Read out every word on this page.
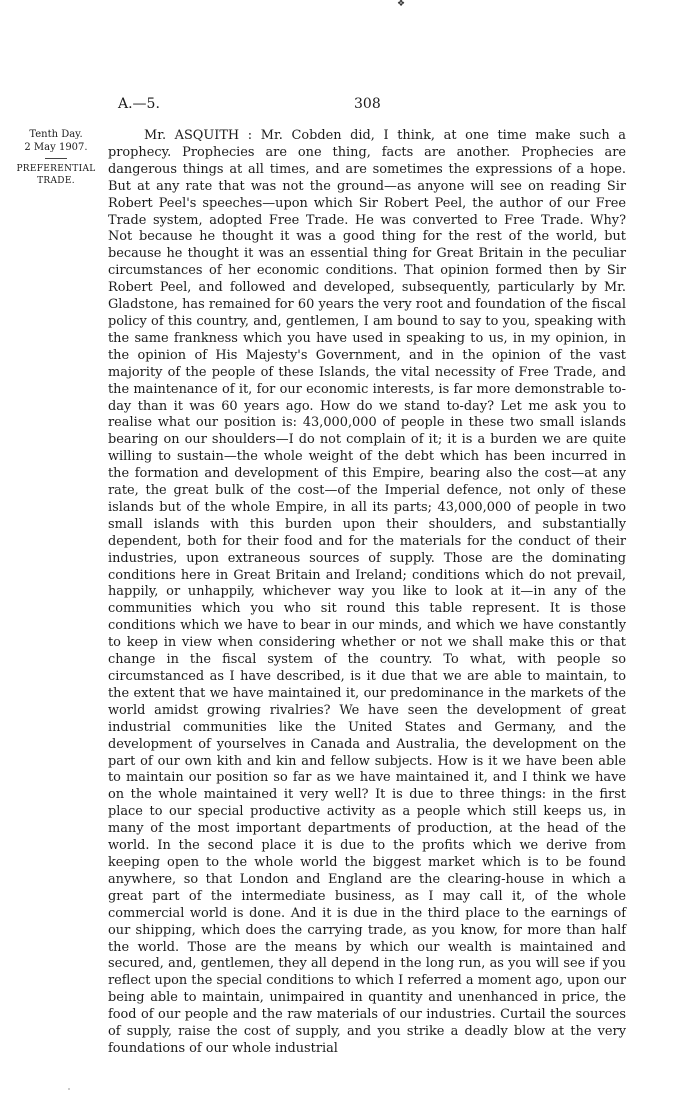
❖
A.—5.	308
Tenth Day.
2 May 1907.
PREFERENTIAL
TRADE.

Mr. ASQUITH : Mr. Cobden did, I think, at one time make such a prophecy. Prophecies are one thing, facts are another. Prophecies are dangerous things at all times, and are sometimes the expressions of a hope. But at any rate that was not the ground—as anyone will see on reading Sir Robert Peel's speeches—upon which Sir Robert Peel, the author of our Free Trade system, adopted Free Trade. He was converted to Free Trade. Why? Not because he thought it was a good thing for the rest of the world, but because he thought it was an essential thing for Great Britain in the peculiar circumstances of her economic conditions. That opinion formed then by Sir Robert Peel, and followed and developed, subsequently, particularly by Mr. Gladstone, has remained for 60 years the very root and foundation of the fiscal policy of this country, and, gentlemen, I am bound to say to you, speaking with the same frankness which you have used in speaking to us, in my opinion, in the opinion of His Majesty's Government, and in the opinion of the vast majority of the people of these Islands, the vital necessity of Free Trade, and the maintenance of it, for our economic interests, is far more demonstrable to-day than it was 60 years ago. How do we stand to-day? Let me ask you to realise what our position is: 43,000,000 of people in these two small islands bearing on our shoulders—I do not complain of it; it is a burden we are quite willing to sustain—the whole weight of the debt which has been incurred in the formation and development of this Empire, bearing also the cost—at any rate, the great bulk of the cost—of the Imperial defence, not only of these islands but of the whole Empire, in all its parts; 43,000,000 of people in two small islands with this burden upon their shoulders, and substantially dependent, both for their food and for the materials for the conduct of their industries, upon extraneous sources of supply. Those are the dominating conditions here in Great Britain and Ireland; conditions which do not prevail, happily, or unhappily, whichever way you like to look at it—in any of the communities which you who sit round this table represent. It is those conditions which we have to bear in our minds, and which we have constantly to keep in view when considering whether or not we shall make this or that change in the fiscal system of the country. To what, with people so circumstanced as I have described, is it due that we are able to maintain, to the extent that we have maintained it, our predominance in the markets of the world amidst growing rivalries? We have seen the development of great industrial communities like the United States and Germany, and the development of yourselves in Canada and Australia, the development on the part of our own kith and kin and fellow subjects. How is it we have been able to maintain our position so far as we have maintained it, and I think we have on the whole maintained it very well? It is due to three things: in the first place to our special productive activity as a people which still keeps us, in many of the most important departments of production, at the head of the world. In the second place it is due to the profits which we derive from keeping open to the whole world the biggest market which is to be found anywhere, so that London and England are the clearing-house in which a great part of the intermediate business, as I may call it, of the whole commercial world is done. And it is due in the third place to the earnings of our shipping, which does the carrying trade, as you know, for more than half the world. Those are the means by which our wealth is maintained and secured, and, gentlemen, they all depend in the long run, as you will see if you reflect upon the special conditions to which I referred a moment ago, upon our being able to maintain, unimpaired in quantity and unenhanced in price, the food of our people and the raw materials of our industries. Curtail the sources of supply, raise the cost of supply, and you strike a deadly blow at the very foundations of our whole industrial
